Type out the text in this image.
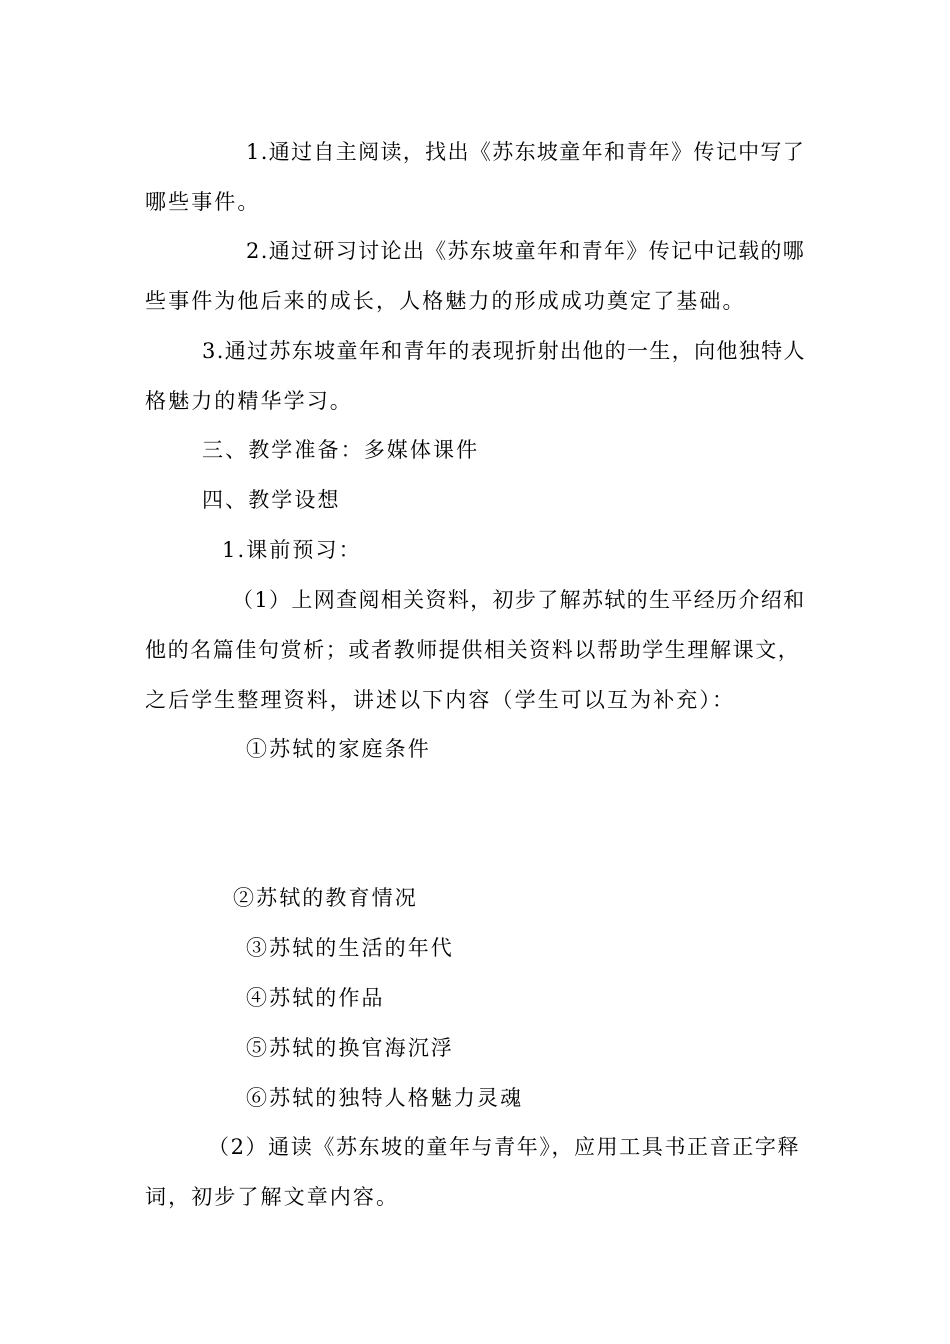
1.通过自主阅读，找出《苏东坡童年和青年》传记中写了
哪些事件。
2.通过研习讨论出《苏东坡童年和青年》传记中记载的哪
些事件为他后来的成长，人格魅力的形成成功奠定了基础。
3.通过苏东坡童年和青年的表现折射出他的一生，向他独特人
格魅力的精华学习。
三、教学准备：多媒体课件
四、教学设想
1.课前预习：
（1）上网查阅相关资料，初步了解苏轼的生平经历介绍和
他的名篇佳句赏析；或者教师提供相关资料以帮助学生理解课文，
之后学生整理资料，讲述以下内容（学生可以互为补充）：
①苏轼的家庭条件
②苏轼的教育情况
③苏轼的生活的年代
④苏轼的作品
⑤苏轼的换官海沉浮
⑥苏轼的独特人格魅力灵魂
（2）通读《苏东坡的童年与青年》，应用工具书正音正字释
词，初步了解文章内容。
